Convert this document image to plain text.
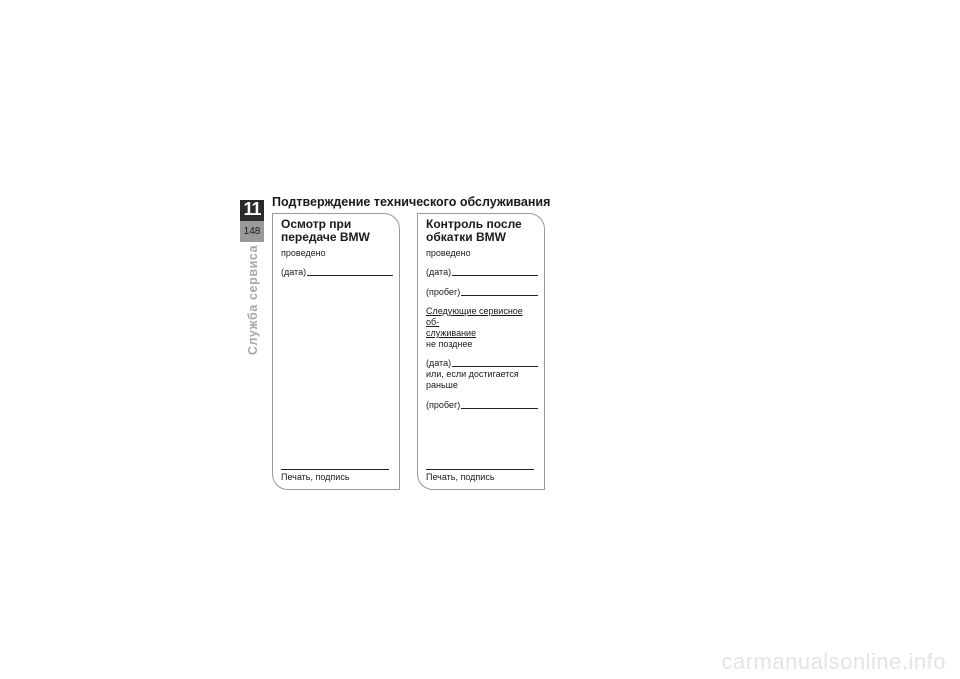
11
148
Служба сервиса
Подтверждение технического обслуживания
Осмотр при передаче BMW
проведено
(дата)
Печать, подпись
Контроль после обкатки BMW
проведено
(дата)
(пробег)
Следующие сервисное об-
служивание
не позднее
(дата)
или, если достигается
раньше
(пробег)
Печать, подпись
carmanualsonline.info
